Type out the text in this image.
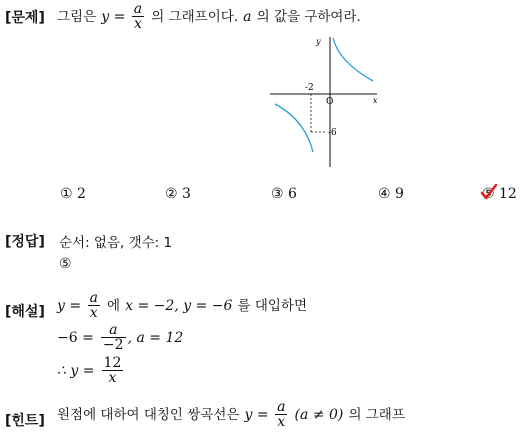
[문제] 그림은 $y = \frac{a}{x}$ 의 그래프이다. a 의 값을 구하여라.
y
x
O
-2
-6
① 2	② 3	③ 6	④ 9	⑤ 12
[정답] 순서: 없음, 갯수: 1
⑤
[해설] $y = \frac{a}{x}$ 에 x = −2, y = −6 를 대입하면
$-6 = \frac{a}{-2}$ , a = 12
∴ $y = \frac{12}{x}$
[힌트] 원점에 대하여 대칭인 쌍곡선은 $y = \frac{a}{x} (a \ne 0)$ 의 그래프
